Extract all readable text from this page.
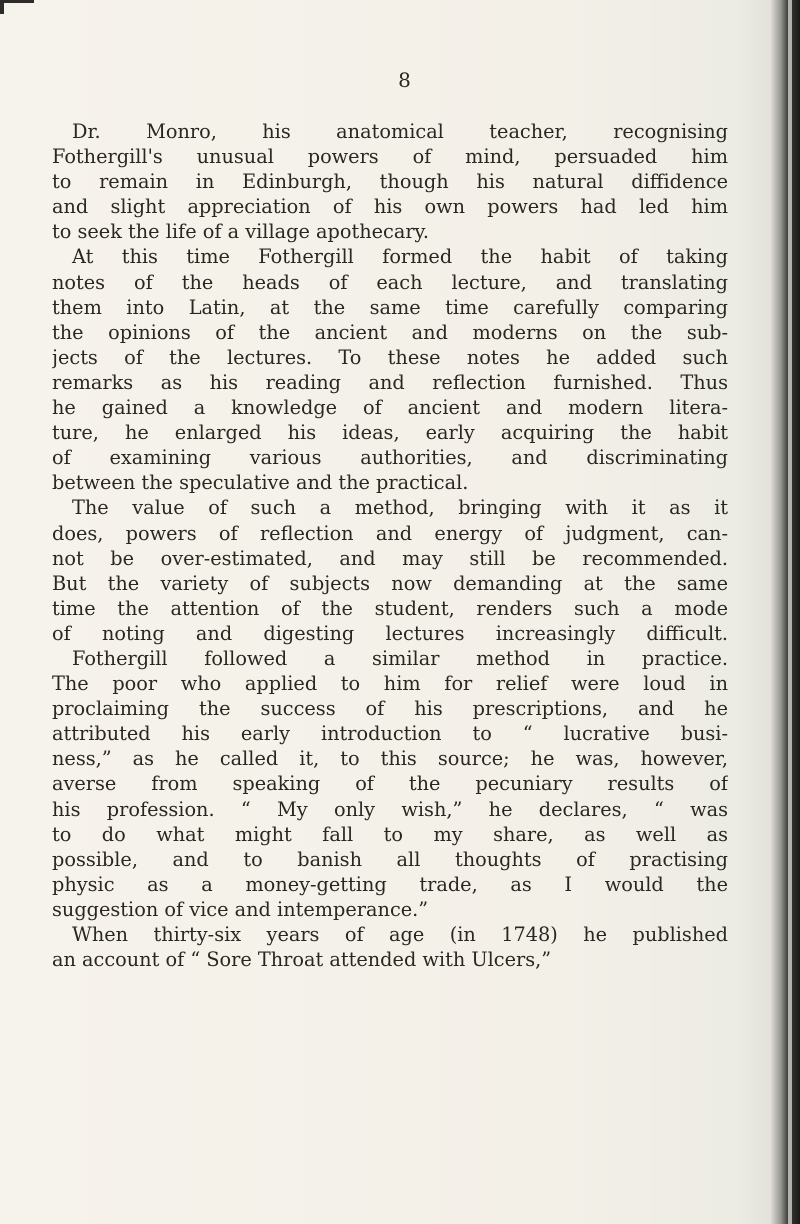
8
Dr. Monro, his anatomical teacher, recognising
Fothergill's unusual powers of mind, persuaded him
to remain in Edinburgh, though his natural diffidence
and slight appreciation of his own powers had led him
to seek the life of a village apothecary.
At this time Fothergill formed the habit of taking
notes of the heads of each lecture, and translating
them into Latin, at the same time carefully comparing
the opinions of the ancient and moderns on the sub-
jects of the lectures. To these notes he added such
remarks as his reading and reflection furnished. Thus
he gained a knowledge of ancient and modern litera-
ture, he enlarged his ideas, early acquiring the habit
of examining various authorities, and discriminating
between the speculative and the practical.
The value of such a method, bringing with it as it
does, powers of reflection and energy of judgment, can-
not be over-estimated, and may still be recommended.
But the variety of subjects now demanding at the same
time the attention of the student, renders such a mode
of noting and digesting lectures increasingly difficult.
Fothergill followed a similar method in practice.
The poor who applied to him for relief were loud in
proclaiming the success of his prescriptions, and he
attributed his early introduction to “ lucrative busi-
ness,” as he called it, to this source; he was, however,
averse from speaking of the pecuniary results of
his profession. “ My only wish,” he declares, “ was
to do what might fall to my share, as well as
possible, and to banish all thoughts of practising
physic as a money-getting trade, as I would the
suggestion of vice and intemperance.”
When thirty-six years of age (in 1748) he published
an account of “ Sore Throat attended with Ulcers,”
